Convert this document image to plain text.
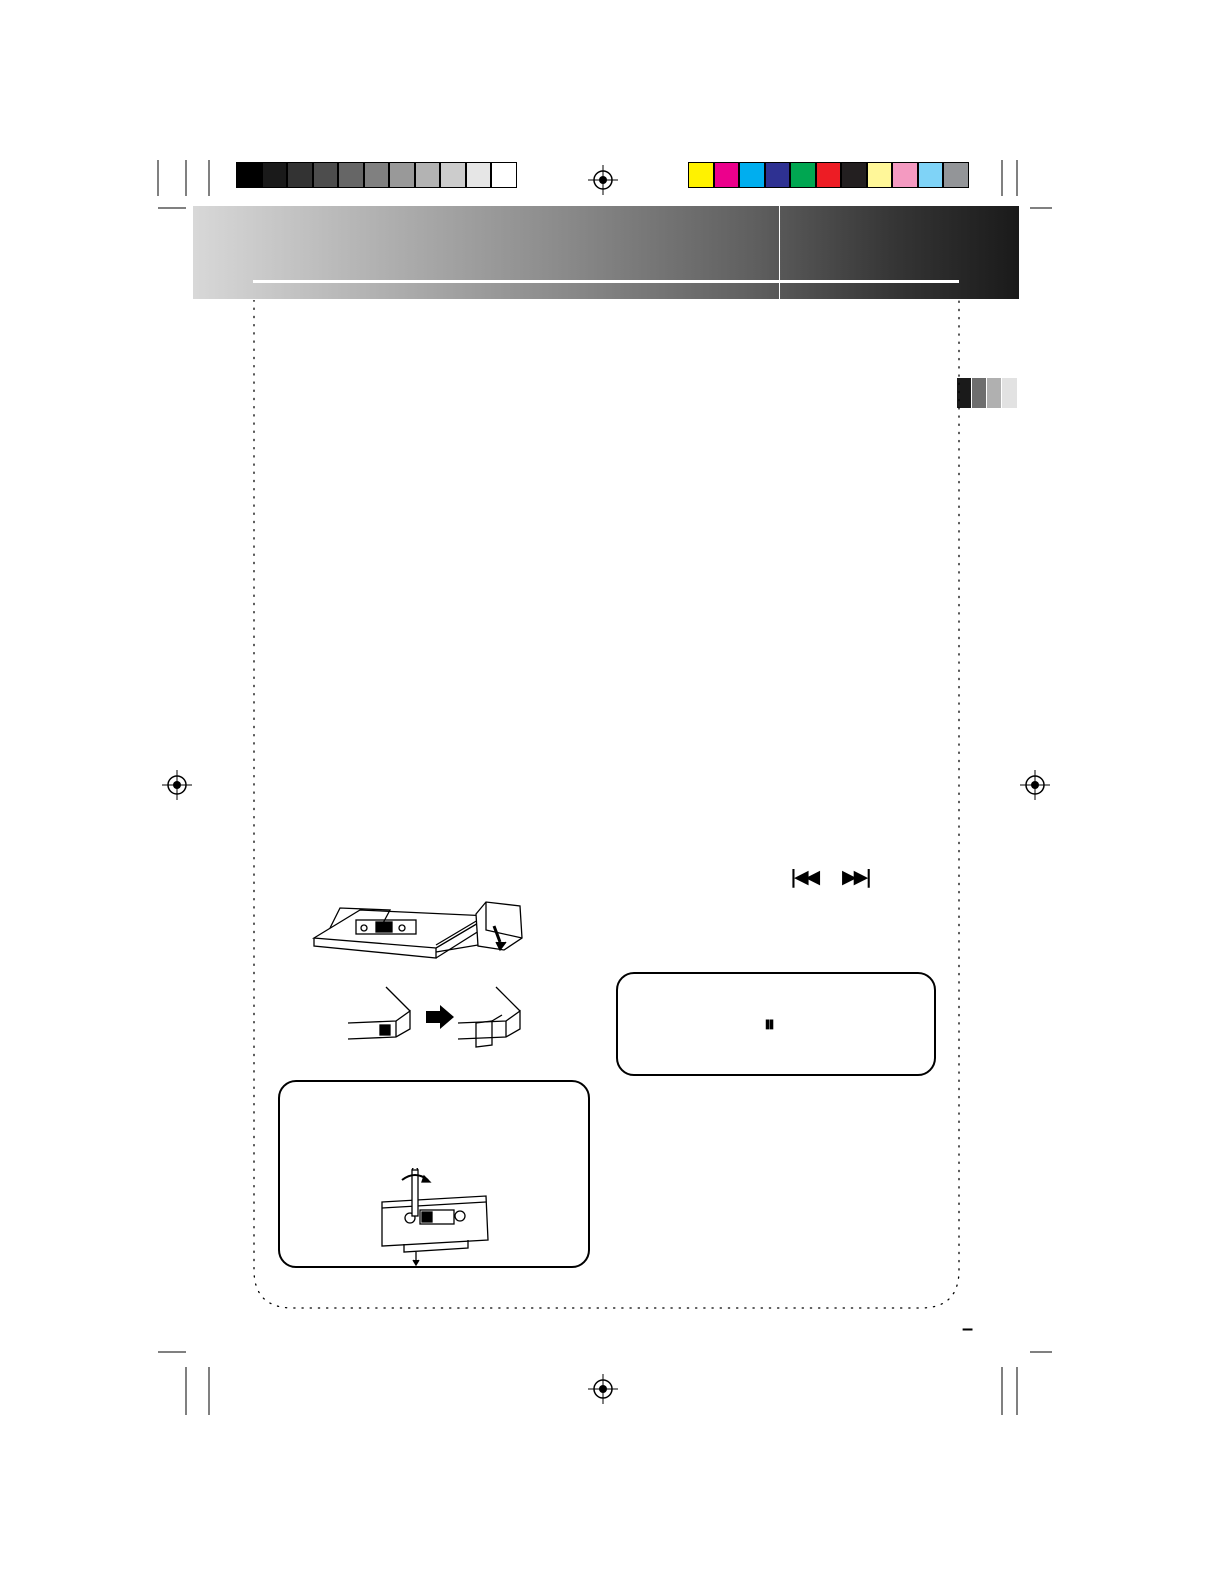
|◀◀ ▶▶|
⏸
–
